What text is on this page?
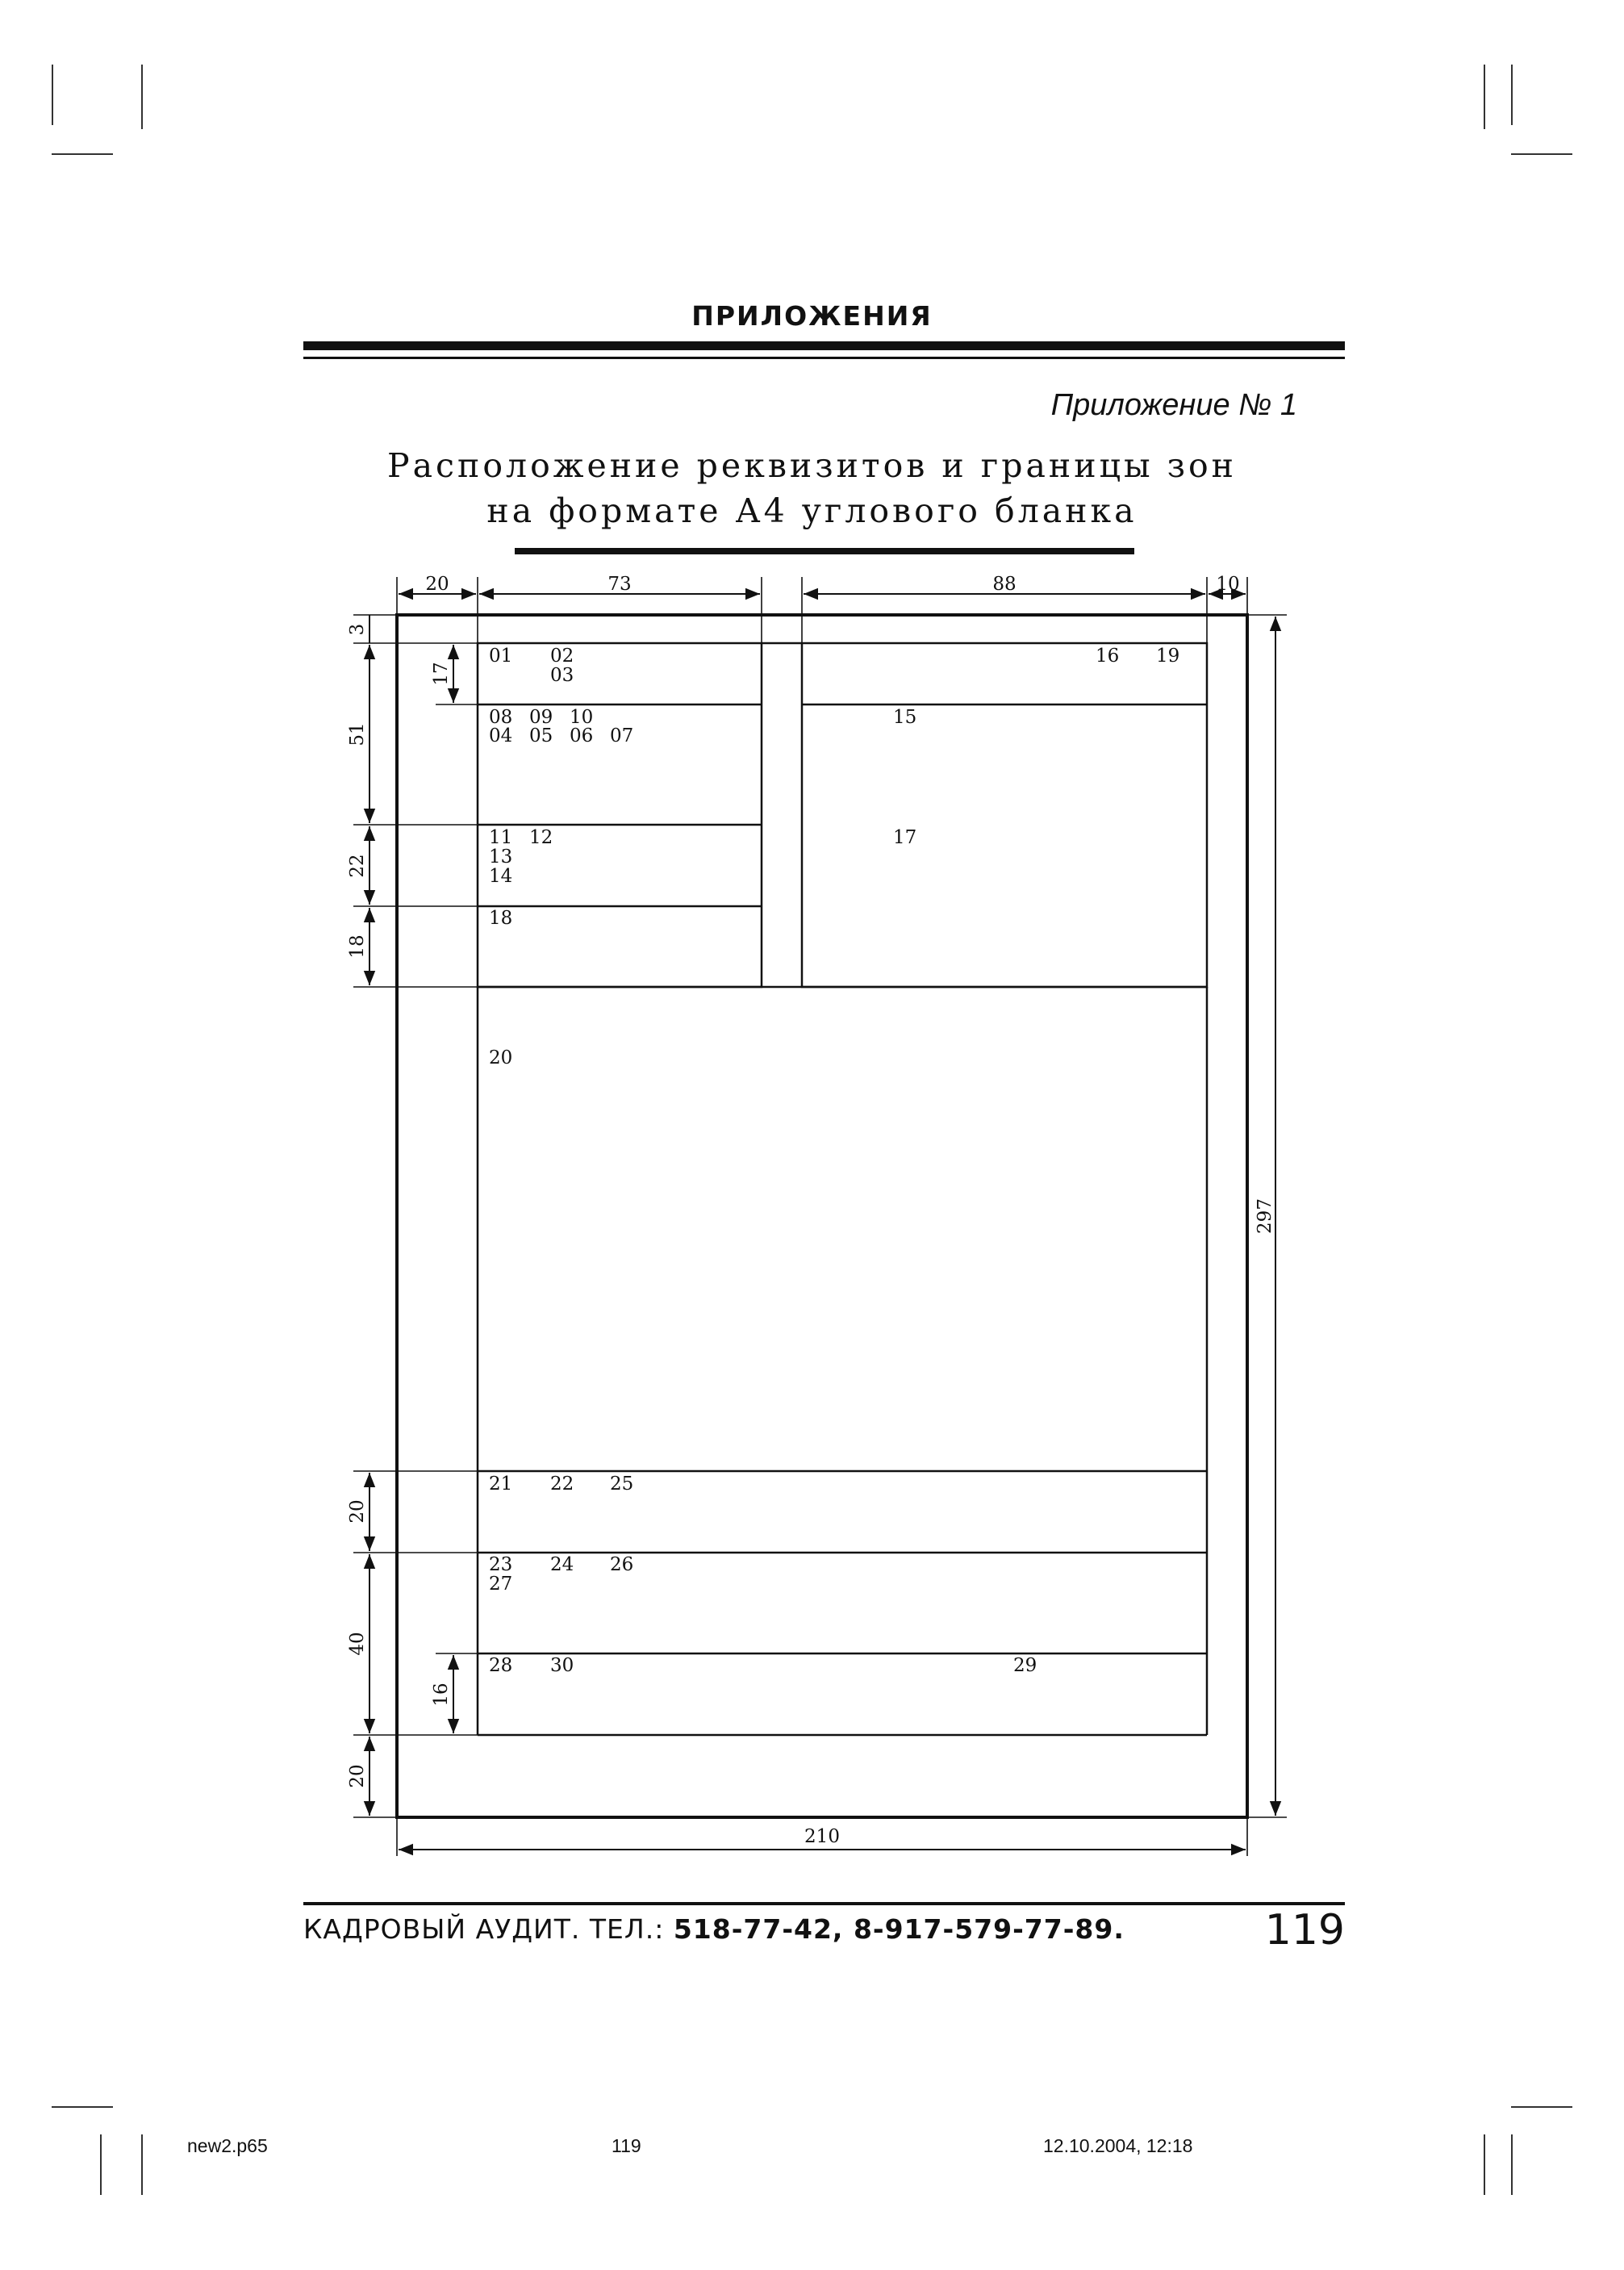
ПРИЛОЖЕНИЯ
Приложение № 1
Расположение реквизитов и границы зон
на формате А4 углового бланка
20	73	88	10
210
297
3
17
51
22
18
20
40
16
20
01 02
03
16 19
08 09 10	15
04 05 06 07
11 12	17
13
14
18
20
21 22 25
23 24 26
27
28 30	29
КАДРОВЫЙ АУДИТ. ТЕЛ.: 518-77-42, 8-917-579-77-89.	119
new2.p65	119	12.10.2004, 12:18
